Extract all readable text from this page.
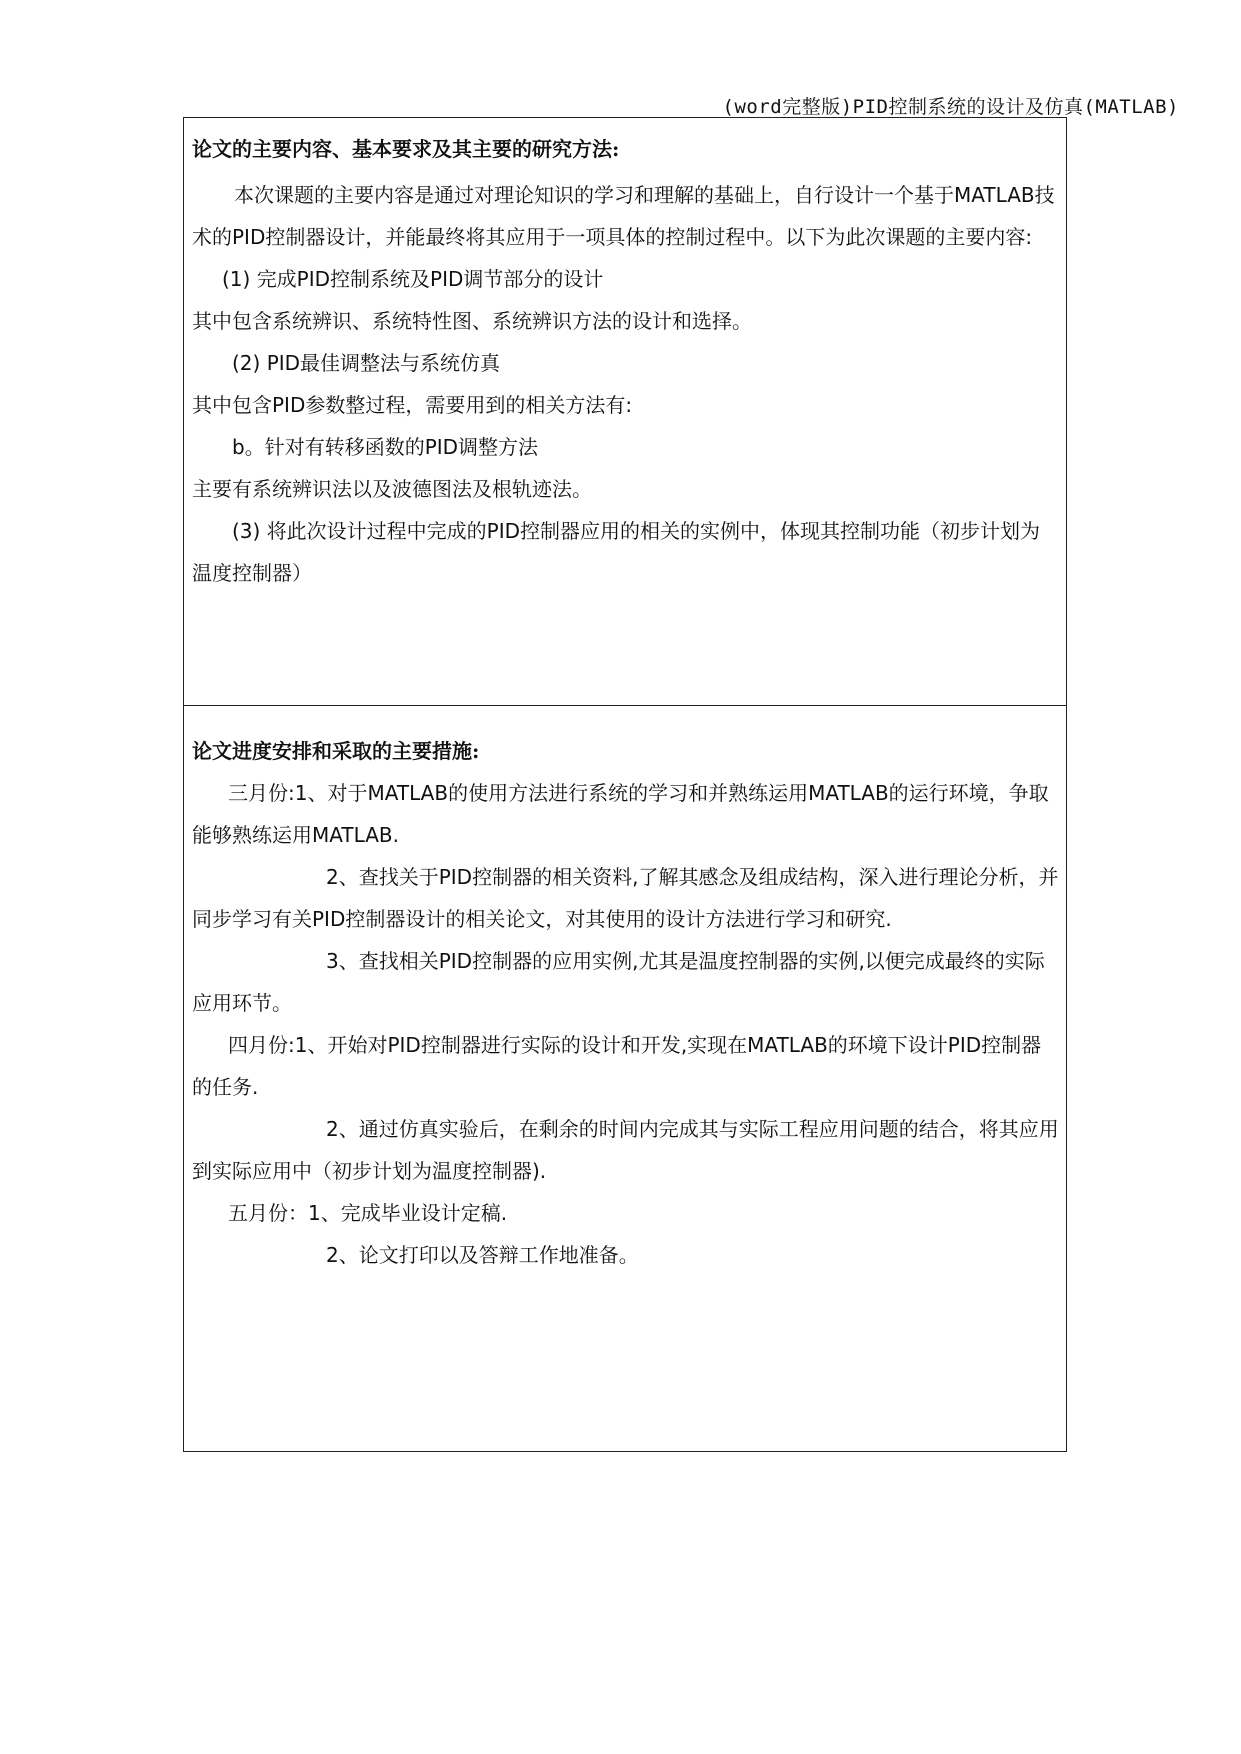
(word完整版)PID控制系统的设计及仿真(MATLAB)

论文的主要内容、基本要求及其主要的研究方法:

本次课题的主要内容是通过对理论知识的学习和理解的基础上，自行设计一个基于MATLAB技术的PID控制器设计，并能最终将其应用于一项具体的控制过程中。以下为此次课题的主要内容:

(1) 完成PID控制系统及PID调节部分的设计

其中包含系统辨识、系统特性图、系统辨识方法的设计和选择。

(2) PID最佳调整法与系统仿真

其中包含PID参数整过程，需要用到的相关方法有:

b。针对有转移函数的PID调整方法

主要有系统辨识法以及波德图法及根轨迹法。

(3) 将此次设计过程中完成的PID控制器应用的相关的实例中，体现其控制功能（初步计划为温度控制器）

论文进度安排和采取的主要措施:

三月份:1、对于MATLAB的使用方法进行系统的学习和并熟练运用MATLAB的运行环境，争取能够熟练运用MATLAB.

2、查找关于PID控制器的相关资料,了解其感念及组成结构，深入进行理论分析，并同步学习有关PID控制器设计的相关论文，对其使用的设计方法进行学习和研究.

3、查找相关PID控制器的应用实例,尤其是温度控制器的实例,以便完成最终的实际应用环节。

四月份:1、开始对PID控制器进行实际的设计和开发,实现在MATLAB的环境下设计PID控制器的任务.

2、通过仿真实验后，在剩余的时间内完成其与实际工程应用问题的结合，将其应用到实际应用中（初步计划为温度控制器).

五月份：1、完成毕业设计定稿.

2、论文打印以及答辩工作地准备。
